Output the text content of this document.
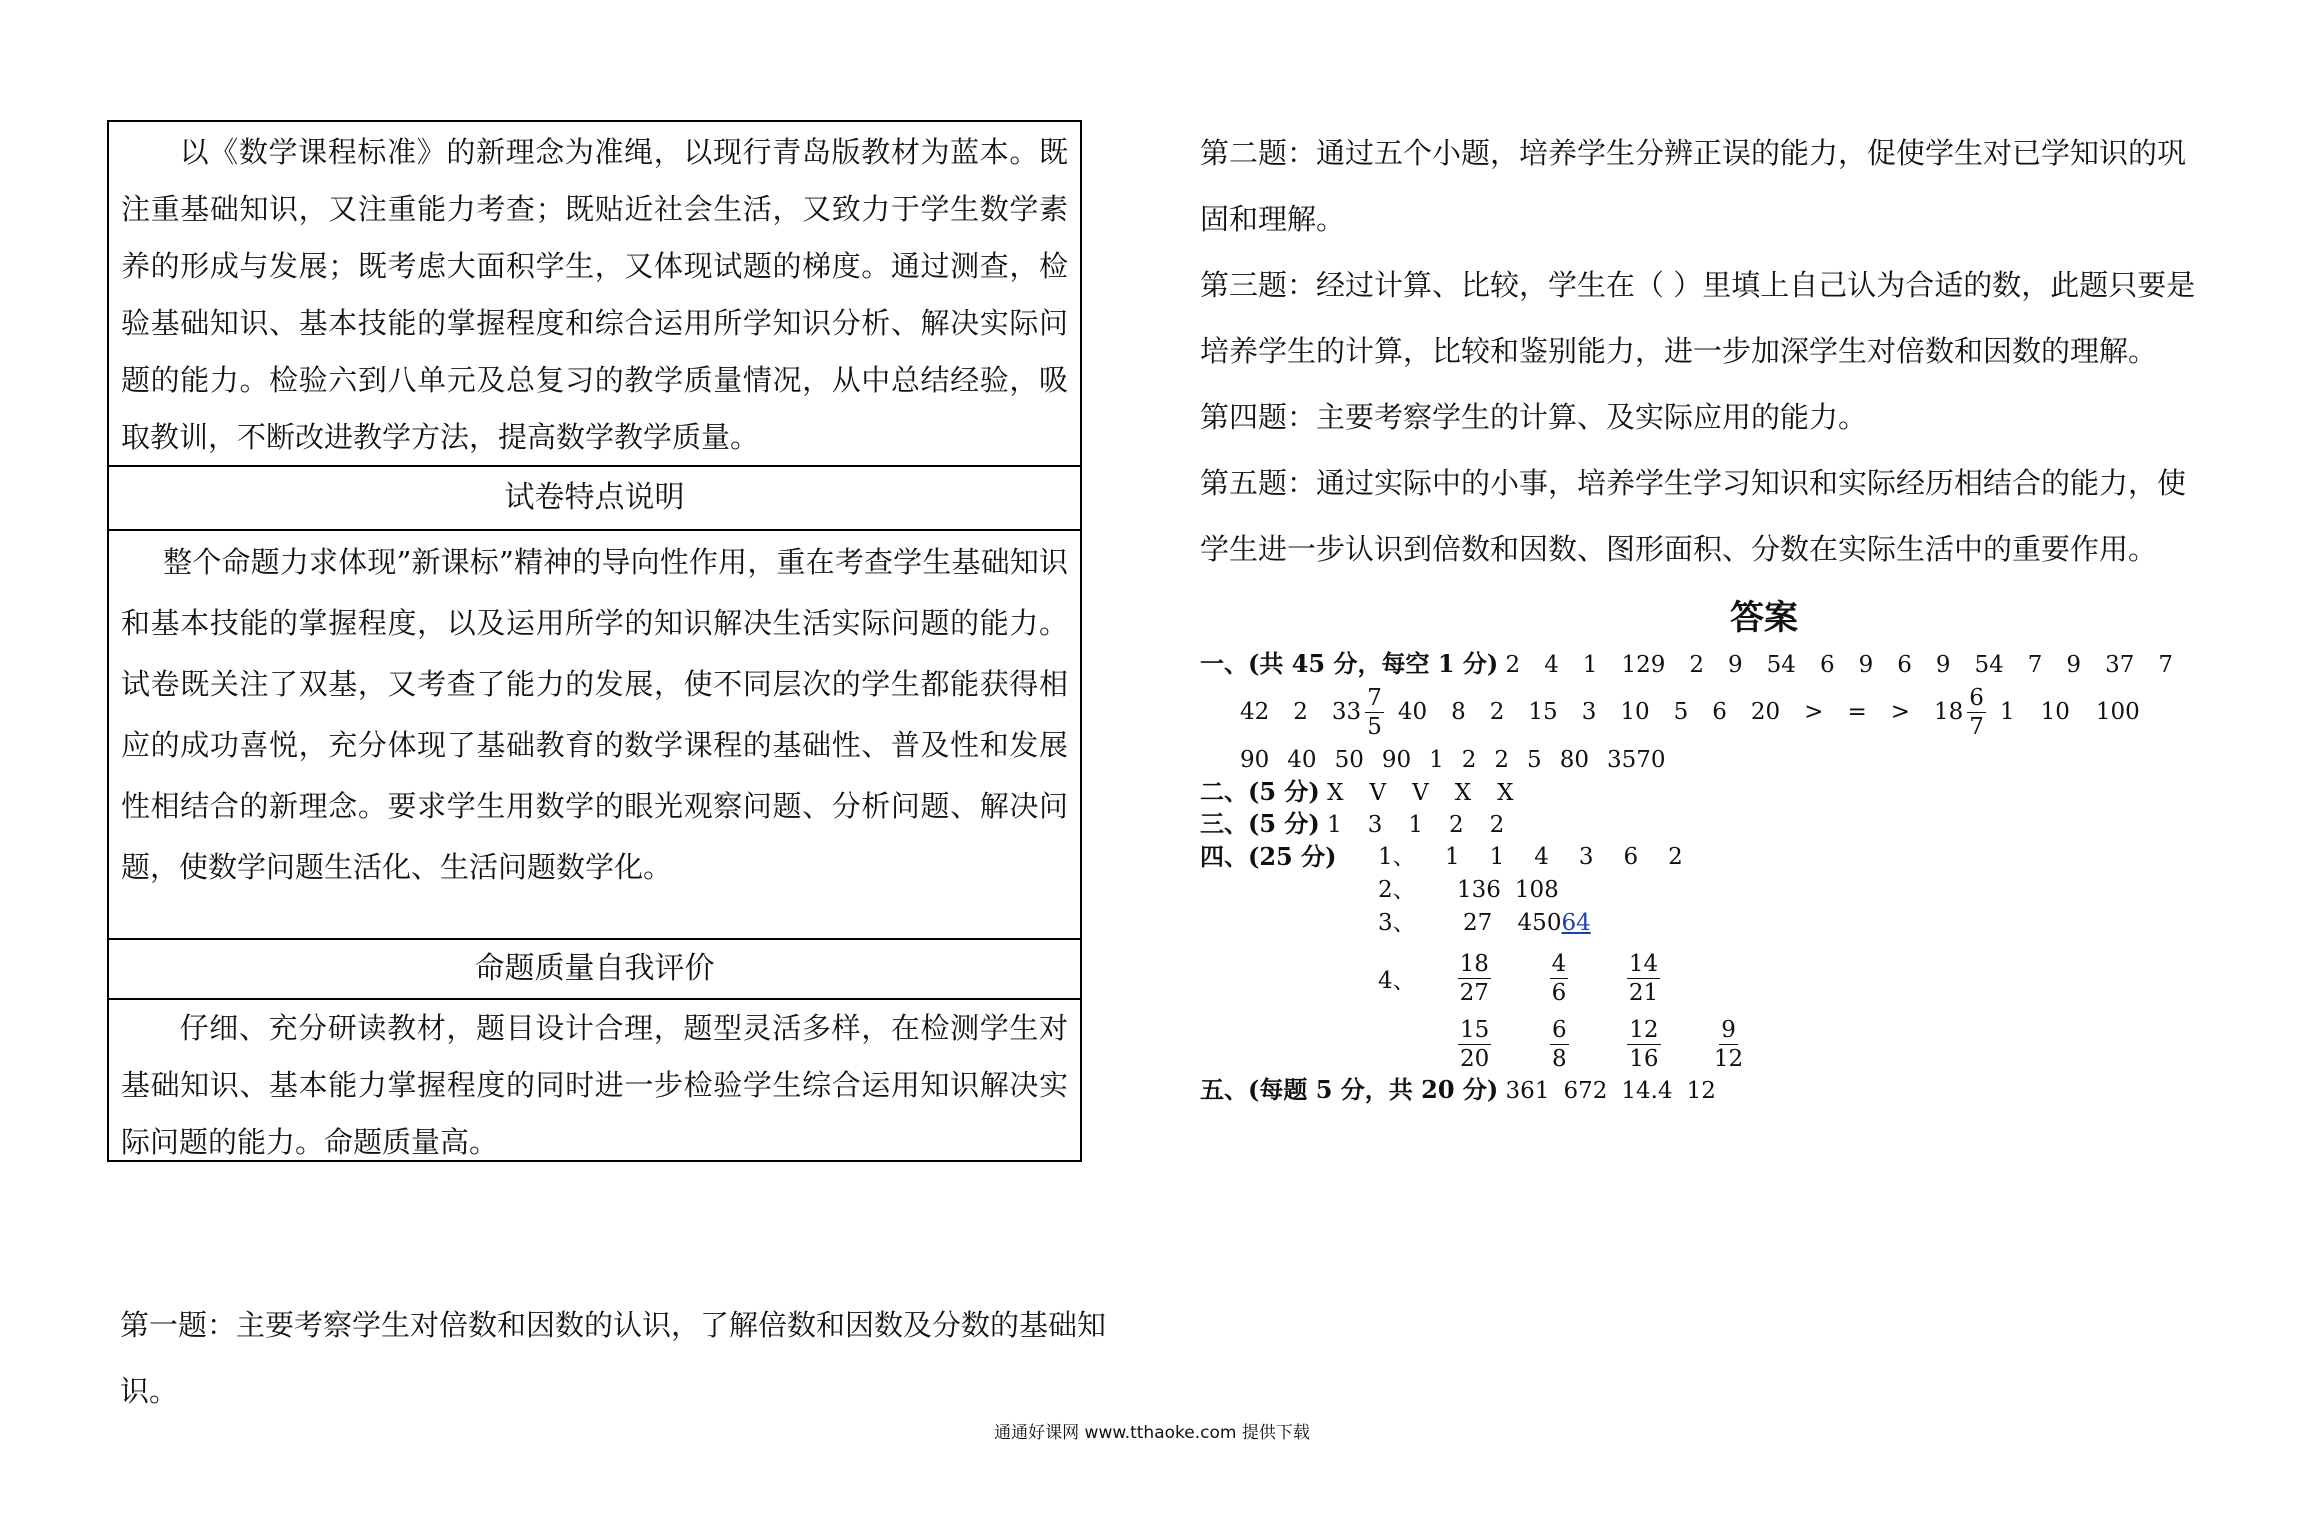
以《数学课程标准》的新理念为准绳，以现行青岛版教材为蓝本。既注重基础知识，又注重能力考查；既贴近社会生活，又致力于学生数学素养的形成与发展；既考虑大面积学生，又体现试题的梯度。通过测查，检验基础知识、基本技能的掌握程度和综合运用所学知识分析、解决实际问题的能力。检验六到八单元及总复习的教学质量情况，从中总结经验，吸取教训，不断改进教学方法，提高数学教学质量。

试卷特点说明

整个命题力求体现”新课标”精神的导向性作用，重在考查学生基础知识和基本技能的掌握程度，以及运用所学的知识解决生活实际问题的能力。试卷既关注了双基，又考查了能力的发展，使不同层次的学生都能获得相应的成功喜悦，充分体现了基础教育的数学课程的基础性、普及性和发展性相结合的新理念。要求学生用数学的眼光观察问题、分析问题、解决问题，使数学问题生活化、生活问题数学化。

命题质量自我评价

仔细、充分研读教材，题目设计合理，题型灵活多样，在检测学生对基础知识、基本能力掌握程度的同时进一步检验学生综合运用知识解决实际问题的能力。命题质量高。

第一题：主要考察学生对倍数和因数的认识，了解倍数和因数及分数的基础知
识。

第二题：通过五个小题，培养学生分辨正误的能力，促使学生对已学知识的巩

固和理解。

第三题：经过计算、比较，学生在（ ）里填上自己认为合适的数，此题只要是

培养学生的计算，比较和鉴别能力，进一步加深学生对倍数和因数的理解。

第四题：主要考察学生的计算、及实际应用的能力。

第五题：通过实际中的小事，培养学生学习知识和实际经历相结合的能力，使

学生进一步认识到倍数和因数、图形面积、分数在实际生活中的重要作用。

答案
一、(共 45 分，每空 1 分) 2 4 1 129 2 9 54 6 9 6 9 54 7 9 37 7
42 2 $33 \frac{7}{5} 40$ 8 2 15 3 10 5 6 20 > = > $18 \frac{6}{7} 1$ 10 100
90 40 50 90 1 2 2 5 80 3570
二、(5 分) X V V X X
三、(5 分) 1 3 1 2 2
四、(25 分) 1、 1 1 4 3 6 2
2、 136 108
3、 27 45064
4、 $\frac{18}{27} \frac{4}{6} \frac{14}{21}$
$\frac{15}{20} \frac{6}{8} \frac{12}{16} \frac{9}{12}$
五、(每题 5 分，共 20 分) 361 672 14.4 12
通通好课网 www.tthaoke.com 提供下载
